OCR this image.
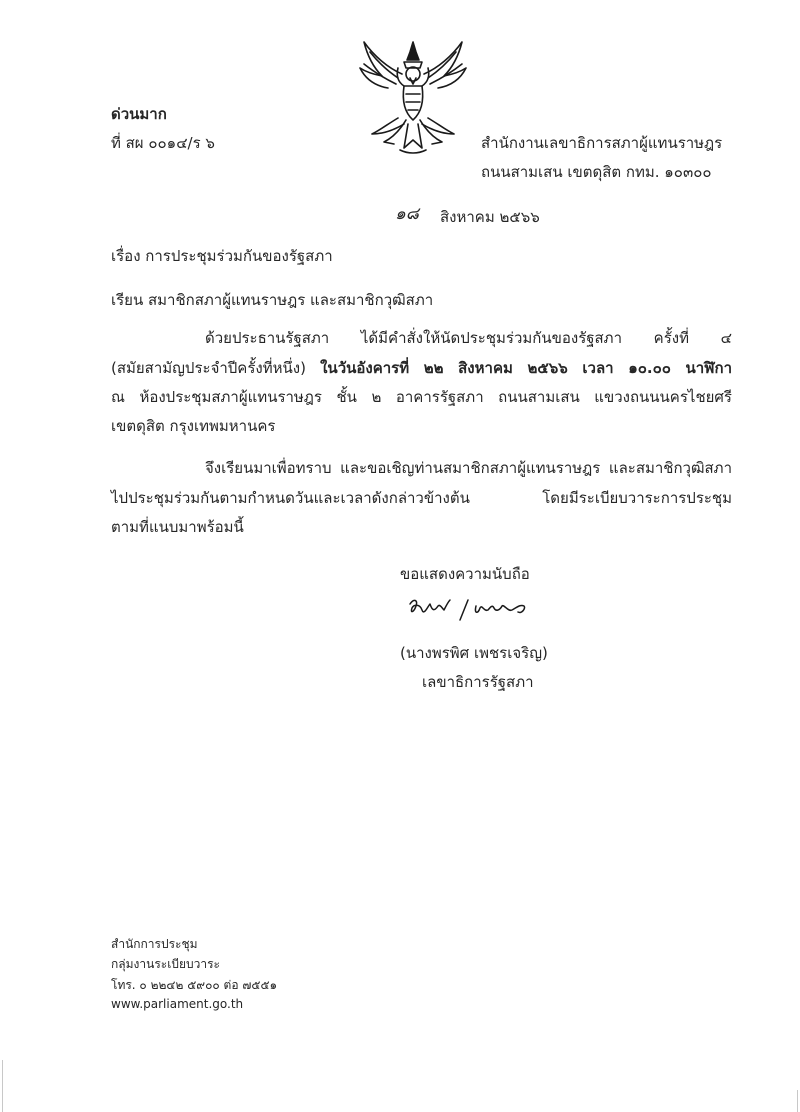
ด่วนมาก
ที่ สผ ๐๐๑๔/ร ๖	สำนักงานเลขาธิการสภาผู้แทนราษฎร
ถนนสามเสน เขตดุสิต กทม. ๑๐๓๐๐
๑๘ สิงหาคม ๒๕๖๖
เรื่อง การประชุมร่วมกันของรัฐสภา
เรียน สมาชิกสภาผู้แทนราษฎร และสมาชิกวุฒิสภา
ด้วยประธานรัฐสภา ได้มีคำสั่งให้นัดประชุมร่วมกันของรัฐสภา ครั้งที่ ๔
(สมัยสามัญประจำปีครั้งที่หนึ่ง) ในวันอังคารที่ ๒๒ สิงหาคม ๒๕๖๖ เวลา ๑๐.๐๐ นาฬิกา
ณ ห้องประชุมสภาผู้แทนราษฎร ชั้น ๒ อาคารรัฐสภา ถนนสามเสน แขวงถนนนครไชยศรี
เขตดุสิต กรุงเทพมหานคร
จึงเรียนมาเพื่อทราบ และขอเชิญท่านสมาชิกสภาผู้แทนราษฎร และสมาชิกวุฒิสภา
ไปประชุมร่วมกันตามกำหนดวันและเวลาดังกล่าวข้างต้น โดยมีระเบียบวาระการประชุม
ตามที่แนบมาพร้อมนี้
ขอแสดงความนับถือ
(นางพรพิศ เพชรเจริญ)
เลขาธิการรัฐสภา
สำนักการประชุม
กลุ่มงานระเบียบวาระ
โทร. ๐ ๒๒๔๒ ๕๙๐๐ ต่อ ๗๕๕๑
www.parliament.go.th
